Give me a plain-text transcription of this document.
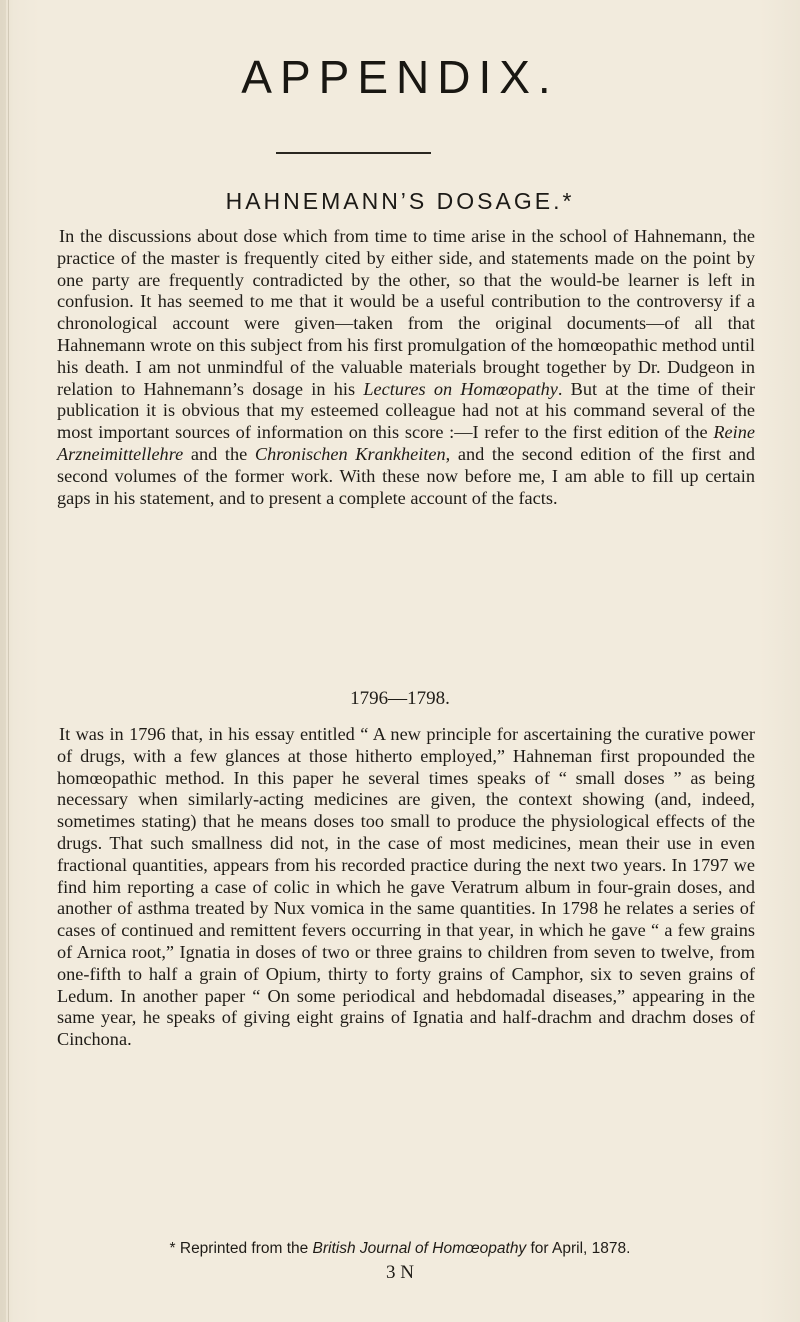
APPENDIX.
HAHNEMANN’S DOSAGE.*
In the discussions about dose which from time to time arise in the school of Hahnemann, the practice of the master is frequently cited by either side, and statements made on the point by one party are frequently contradicted by the other, so that the would-be learner is left in confusion. It has seemed to me that it would be a useful contribution to the controversy if a chronological account were given—taken from the original documents—of all that Hahnemann wrote on this subject from his first promulgation of the homœopathic method until his death. I am not unmindful of the valuable materials brought together by Dr. Dudgeon in relation to Hahnemann’s dosage in his Lectures on Homœopathy. But at the time of their publication it is obvious that my esteemed colleague had not at his command several of the most important sources of information on this score :—I refer to the first edition of the Reine Arzneimittellehre and the Chronischen Krankheiten, and the second edition of the first and second volumes of the former work. With these now before me, I am able to fill up certain gaps in his statement, and to present a complete account of the facts.
1796—1798.
It was in 1796 that, in his essay entitled “ A new principle for ascertaining the curative power of drugs, with a few glances at those hitherto employed,” Hahneman first propounded the homœopathic method. In this paper he several times speaks of “ small doses ” as being necessary when similarly-acting medicines are given, the context showing (and, indeed, sometimes stating) that he means doses too small to produce the physiological effects of the drugs. That such smallness did not, in the case of most medicines, mean their use in even fractional quantities, appears from his recorded practice during the next two years. In 1797 we find him reporting a case of colic in which he gave Veratrum album in four-grain doses, and another of asthma treated by Nux vomica in the same quantities. In 1798 he relates a series of cases of continued and remittent fevers occurring in that year, in which he gave “ a few grains of Arnica root,” Ignatia in doses of two or three grains to children from seven to twelve, from one-fifth to half a grain of Opium, thirty to forty grains of Camphor, six to seven grains of Ledum. In another paper “ On some periodical and hebdomadal diseases,” appearing in the same year, he speaks of giving eight grains of Ignatia and half-drachm and drachm doses of Cinchona.
* Reprinted from the British Journal of Homœopathy for April, 1878.
3 N
